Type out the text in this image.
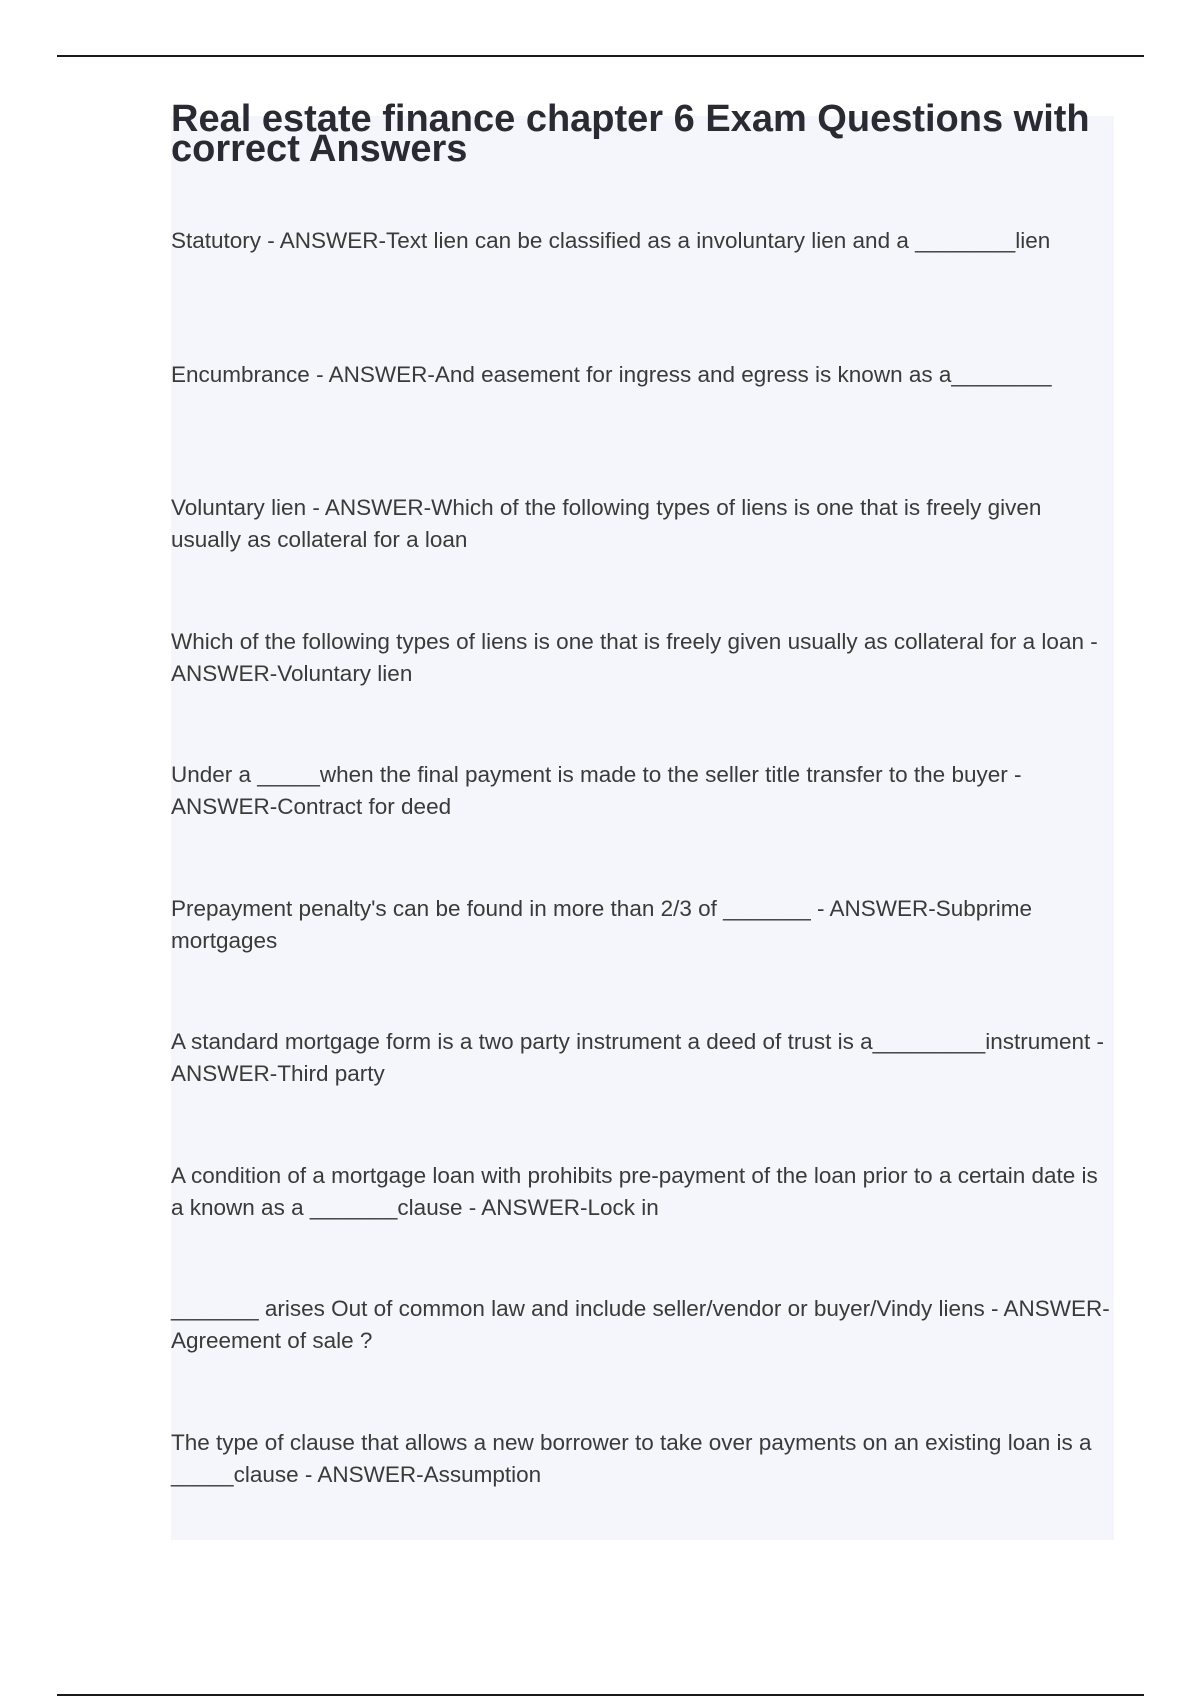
Real estate finance chapter 6 Exam Questions with correct Answers

Statutory - ANSWER-Text lien can be classified as a involuntary lien and a ________lien

Encumbrance - ANSWER-And easement for ingress and egress is known as a________

Voluntary lien - ANSWER-Which of the following types of liens is one that is freely given usually as collateral for a loan

Which of the following types of liens is one that is freely given usually as collateral for a loan - ANSWER-Voluntary lien

Under a _____when the final payment is made to the seller title transfer to the buyer - ANSWER-Contract for deed

Prepayment penalty's can be found in more than 2/3 of _______ - ANSWER-Subprime mortgages

A standard mortgage form is a two party instrument a deed of trust is a_________instrument - ANSWER-Third party

A condition of a mortgage loan with prohibits pre-payment of the loan prior to a certain date is a known as a _______clause - ANSWER-Lock in

_______ arises Out of common law and include seller/vendor or buyer/Vindy liens - ANSWER-Agreement of sale ?

The type of clause that allows a new borrower to take over payments on an existing loan is a _____clause - ANSWER-Assumption
